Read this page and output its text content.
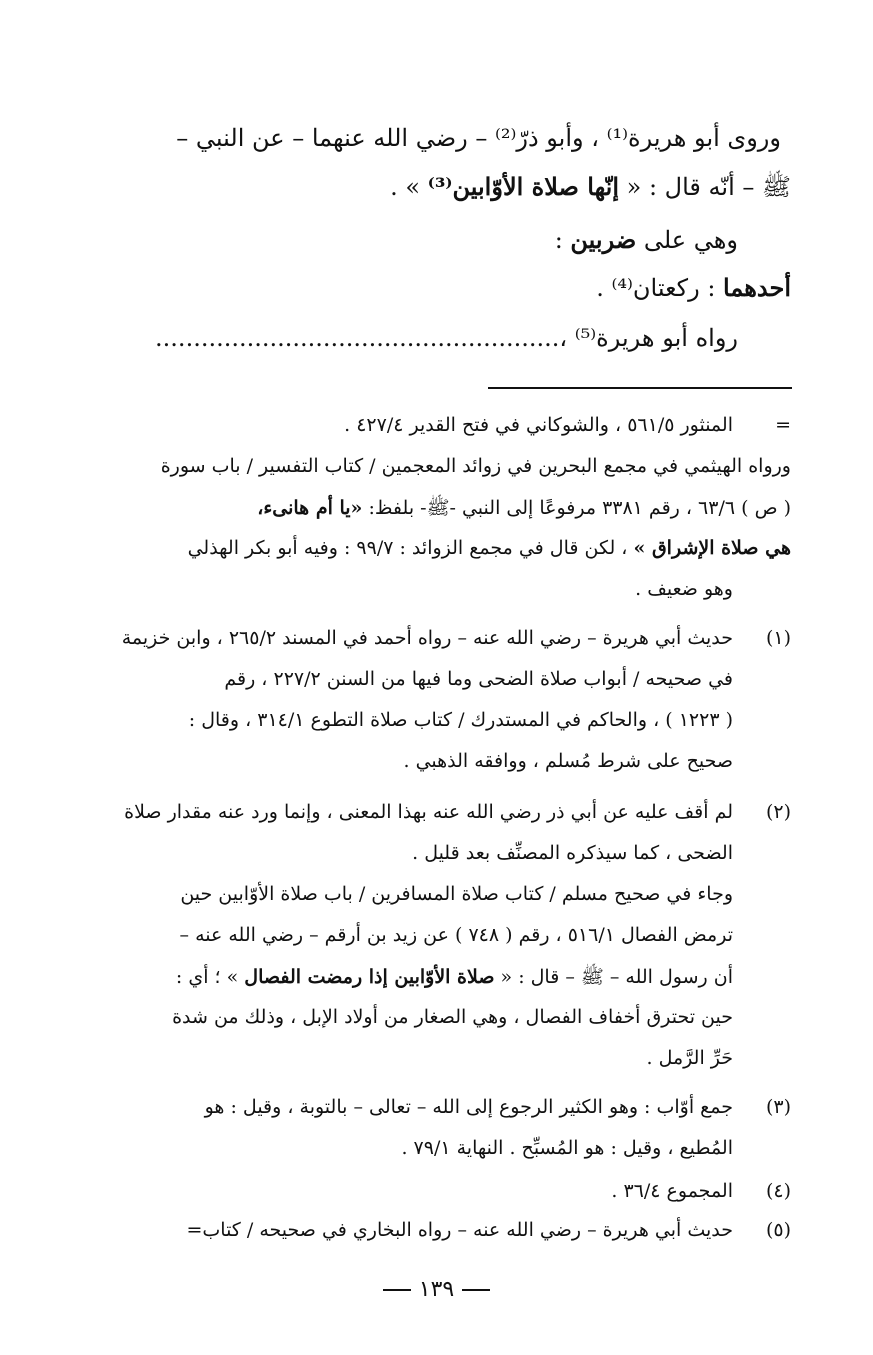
وروى أبو هريرة⁽¹⁾ ، وأبو ذرّ⁽²⁾ – رضي الله عنهما – عن النبي –
ﷺ – أنّه قال : « إنّها صلاة الأوّابين⁽³⁾ » .
وهي على ضربين :
أحدهما : ركعتان⁽⁴⁾ .
رواه أبو هريرة⁽⁵⁾ ،.....................................................
=
المنثور ٥٦١/٥ ، والشوكاني في فتح القدير ٤٢٧/٤ .
ورواه الهيثمي في مجمع البحرين في زوائد المعجمين / كتاب التفسير / باب سورة
( ص ) ٦٣/٦ ، رقم ٣٣٨١ مرفوعًا إلى النبي -ﷺ- بلفظ: «يا أم هانىء،
هي صلاة الإشراق » ، لكن قال في مجمع الزوائد : ٩٩/٧ : وفيه أبو بكر الهذلي
وهو ضعيف .
(١)
حديث أبي هريرة – رضي الله عنه – رواه أحمد في المسند ٢٦٥/٢ ، وابن خزيمة
في صحيحه / أبواب صلاة الضحى وما فيها من السنن ٢٢٧/٢ ، رقم
( ١٢٢٣ ) ، والحاكم في المستدرك / كتاب صلاة التطوع ٣١٤/١ ، وقال :
صحيح على شرط مُسلم ، ووافقه الذهبي .
(٢)
لم أقف عليه عن أبي ذر رضي الله عنه بهذا المعنى ، وإنما ورد عنه مقدار صلاة
الضحى ، كما سيذكره المصنِّف بعد قليل .
وجاء في صحيح مسلم / كتاب صلاة المسافرين / باب صلاة الأوّابين حين
ترمض الفصال ٥١٦/١ ، رقم ( ٧٤٨ ) عن زيد بن أرقم – رضي الله عنه –
أن رسول الله – ﷺ – قال : « صلاة الأوّابين إذا رمضت الفصال » ؛ أي :
حين تحترق أخفاف الفصال ، وهي الصغار من أولاد الإبل ، وذلك من شدة
حَرِّ الرَّمل .
(٣)
جمع أوّاب : وهو الكثير الرجوع إلى الله – تعالى – بالتوبة ، وقيل : هو
المُطيع ، وقيل : هو المُسبِّح . النهاية ٧٩/١ .
(٤)
المجموع ٣٦/٤ .
(٥)
حديث أبي هريرة – رضي الله عنه – رواه البخاري في صحيحه / كتاب=
١٣٩
